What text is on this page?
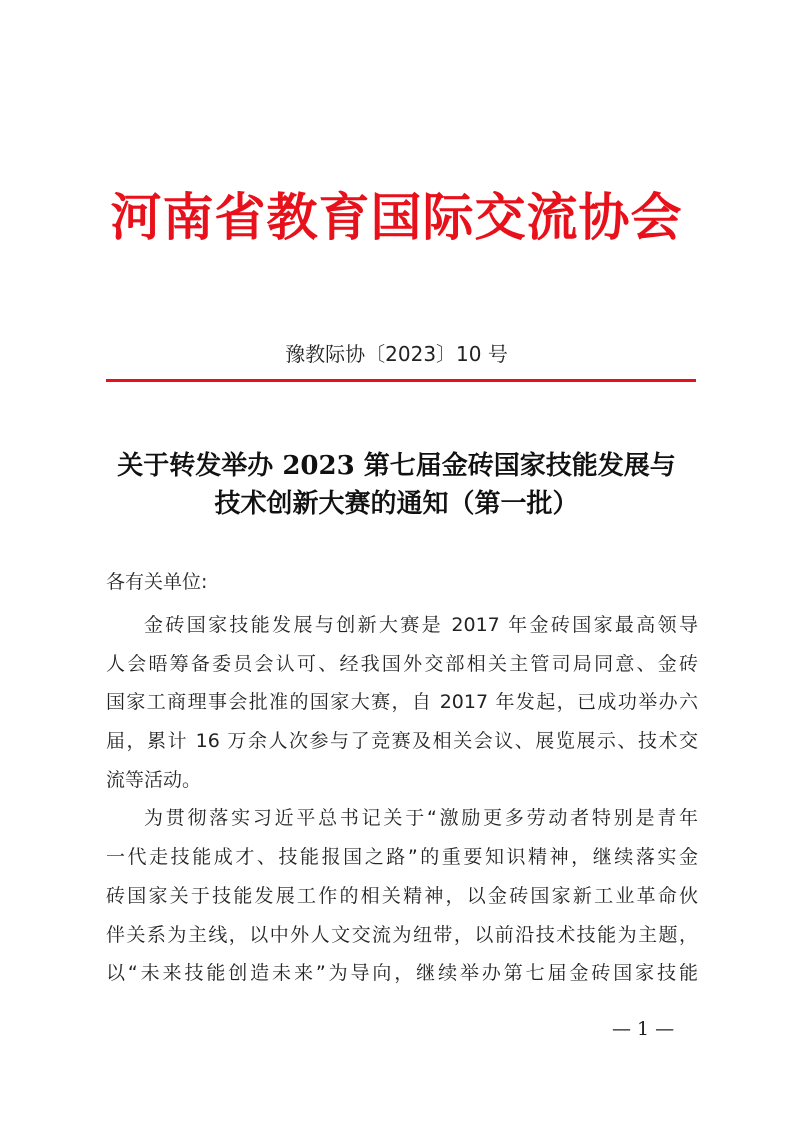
河南省教育国际交流协会
豫教际协〔2023〕10 号
关于转发举办 2023 第七届金砖国家技能发展与
技术创新大赛的通知（第一批）
各有关单位:
金砖国家技能发展与创新大赛是 2017 年金砖国家最高领导
人会晤筹备委员会认可、经我国外交部相关主管司局同意、金砖
国家工商理事会批准的国家大赛，自 2017 年发起，已成功举办六
届，累计 16 万余人次参与了竞赛及相关会议、展览展示、技术交
流等活动。
为贯彻落实习近平总书记关于“激励更多劳动者特别是青年
一代走技能成才、技能报国之路”的重要知识精神，继续落实金
砖国家关于技能发展工作的相关精神，以金砖国家新工业革命伙
伴关系为主线，以中外人文交流为纽带，以前沿技术技能为主题，
以“未来技能创造未来”为导向，继续举办第七届金砖国家技能
— 1 —
